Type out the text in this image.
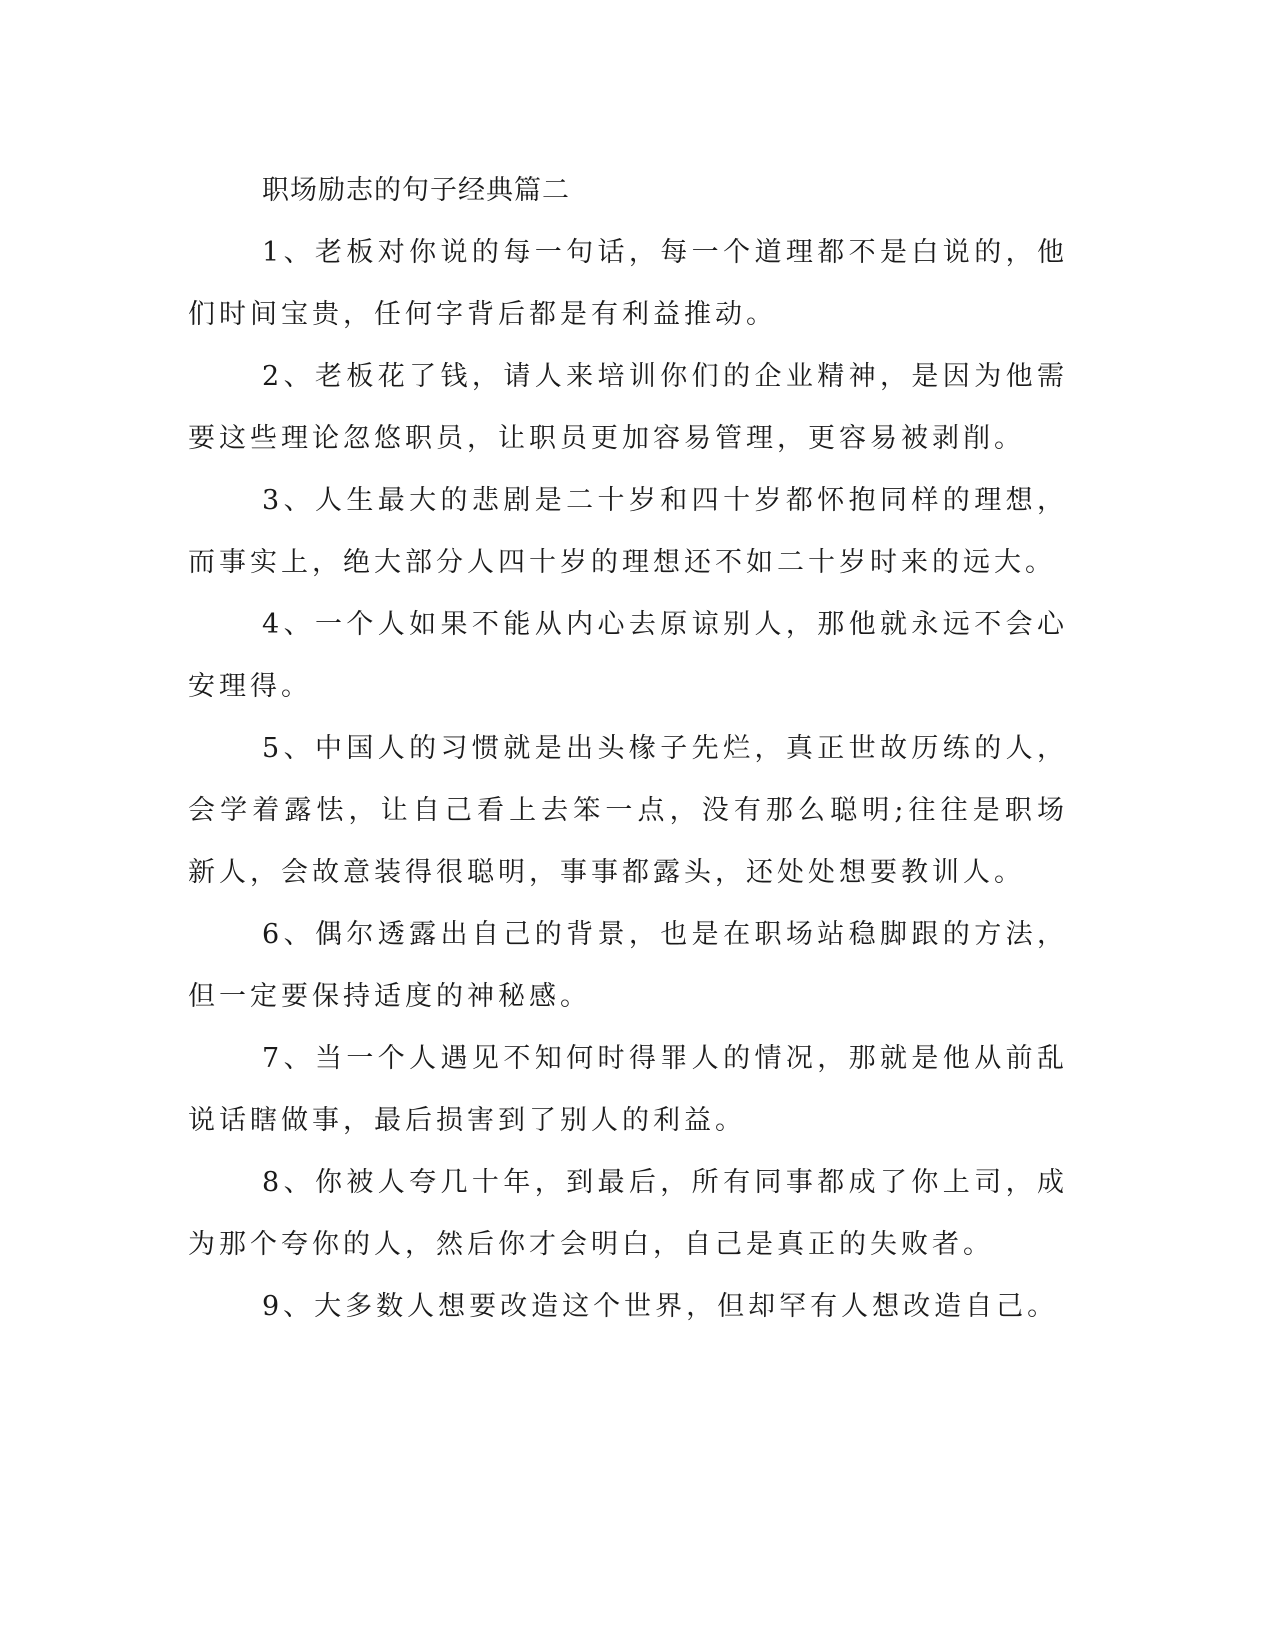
职场励志的句子经典篇二

1、老板对你说的每一句话，每一个道理都不是白说的，他们时间宝贵，任何字背后都是有利益推动。

2、老板花了钱，请人来培训你们的企业精神，是因为他需要这些理论忽悠职员，让职员更加容易管理，更容易被剥削。

3、人生最大的悲剧是二十岁和四十岁都怀抱同样的理想，而事实上，绝大部分人四十岁的理想还不如二十岁时来的远大。

4、一个人如果不能从内心去原谅别人，那他就永远不会心安理得。

5、中国人的习惯就是出头椽子先烂，真正世故历练的人，会学着露怯，让自己看上去笨一点，没有那么聪明;往往是职场新人，会故意装得很聪明，事事都露头，还处处想要教训人。

6、偶尔透露出自己的背景，也是在职场站稳脚跟的方法，但一定要保持适度的神秘感。

7、当一个人遇见不知何时得罪人的情况，那就是他从前乱说话瞎做事，最后损害到了别人的利益。

8、你被人夸几十年，到最后，所有同事都成了你上司，成为那个夸你的人，然后你才会明白，自己是真正的失败者。

9、大多数人想要改造这个世界，但却罕有人想改造自己。
